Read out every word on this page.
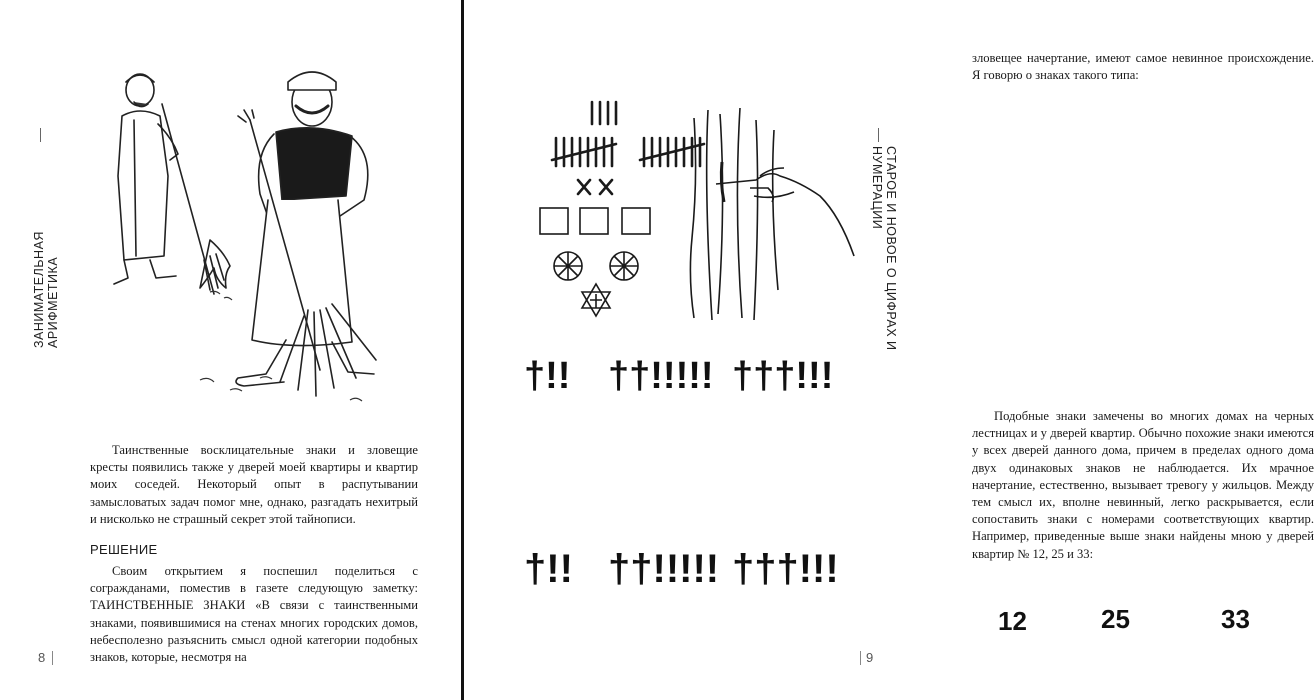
ЗАНИМАТЕЛЬНАЯ АРИФМЕТИКА

Таинственные восклицательные знаки и зловещие кресты появились также у дверей моей квартиры и квартир моих соседей. Некоторый опыт в распутывании замысловатых задач помог мне, однако, разгадать нехитрый и нисколько не страшный секрет этой тайнописи.

РЕШЕНИЕ

Своим открытием я поспешил поделиться с согражданами, поместив в газете следующую заметку: ТАИНСТВЕННЫЕ ЗНАКИ «В связи с таинственными знаками, появившимися на стенах многих городских домов, небесполезно разъяснить смысл одной категории подобных знаков, которые, несмотря на

8

зловещее начертание, имеют самое невинное происхождение. Я говорю о знаках такого типа:

†!! ††!!!!! †††!!!

Подобные знаки замечены во многих домах на черных лестницах и у дверей квартир. Обычно похожие знаки имеются у всех дверей данного дома, причем в пределах одного дома двух одинаковых знаков не наблюдается. Их мрачное начертание, естественно, вызывает тревогу у жильцов. Между тем смысл их, вполне невинный, легко раскрывается, если сопоставить знаки с номерами соответствующих квартир. Например, приведенные выше знаки найдены мною у дверей квартир № 12, 25 и 33:

†!! ††!!!!! †††!!!
12	25	33
СТАРОЕ И НОВОЕ О ЦИФРАХ И НУМЕРАЦИИ
9
